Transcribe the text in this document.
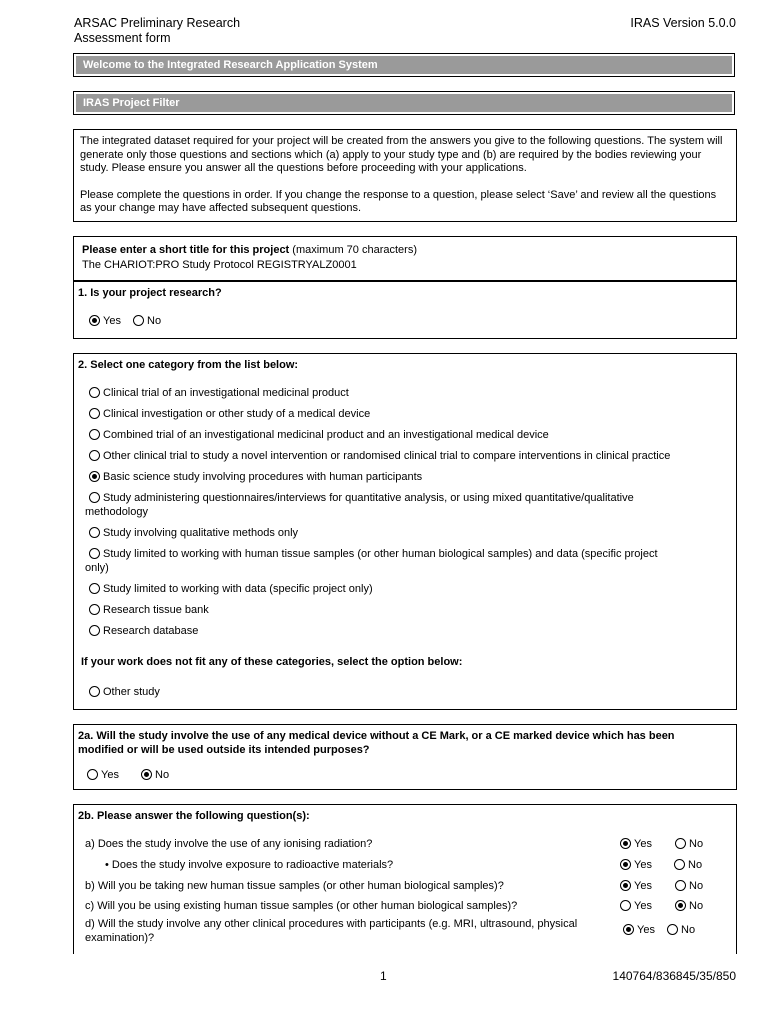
ARSAC Preliminary Research
Assessment form
IRAS Version 5.0.0
Welcome to the Integrated Research Application System
IRAS Project Filter

The integrated dataset required for your project will be created from the answers you give to the following questions. The system will generate only those questions and sections which (a) apply to your study type and (b) are required by the bodies reviewing your study. Please ensure you answer all the questions before proceeding with your applications.

Please complete the questions in order. If you change the response to a question, please select ‘Save’ and review all the questions as your change may have affected subsequent questions.

Please enter a short title for this project (maximum 70 characters)
The CHARIOT:PRO Study Protocol REGISTRYALZ0001
1. Is your project research?
Yes	No
2. Select one category from the list below:
Clinical trial of an investigational medicinal product
Clinical investigation or other study of a medical device
Combined trial of an investigational medicinal product and an investigational medical device
Other clinical trial to study a novel intervention or randomised clinical trial to compare interventions in clinical practice
Basic science study involving procedures with human participants
Study administering questionnaires/interviews for quantitative analysis, or using mixed quantitative/qualitative
methodology
Study involving qualitative methods only
Study limited to working with human tissue samples (or other human biological samples) and data (specific project
only)
Study limited to working with data (specific project only)
Research tissue bank
Research database
If your work does not fit any of these categories, select the option below:
Other study
2a. Will the study involve the use of any medical device without a CE Mark, or a CE marked device which has been
modified or will be used outside its intended purposes?
Yes	No
2b. Please answer the following question(s):
a) Does the study involve the use of any ionising radiation?	Yes	No
• Does the study involve exposure to radioactive materials?	Yes	No
b) Will you be taking new human tissue samples (or other human biological samples)?	Yes	No
c) Will you be using existing human tissue samples (or other human biological samples)?	Yes	No
d) Will the study involve any other clinical procedures with participants (e.g. MRI, ultrasound, physical
examination)?
Yes	No
1	140764/836845/35/850
